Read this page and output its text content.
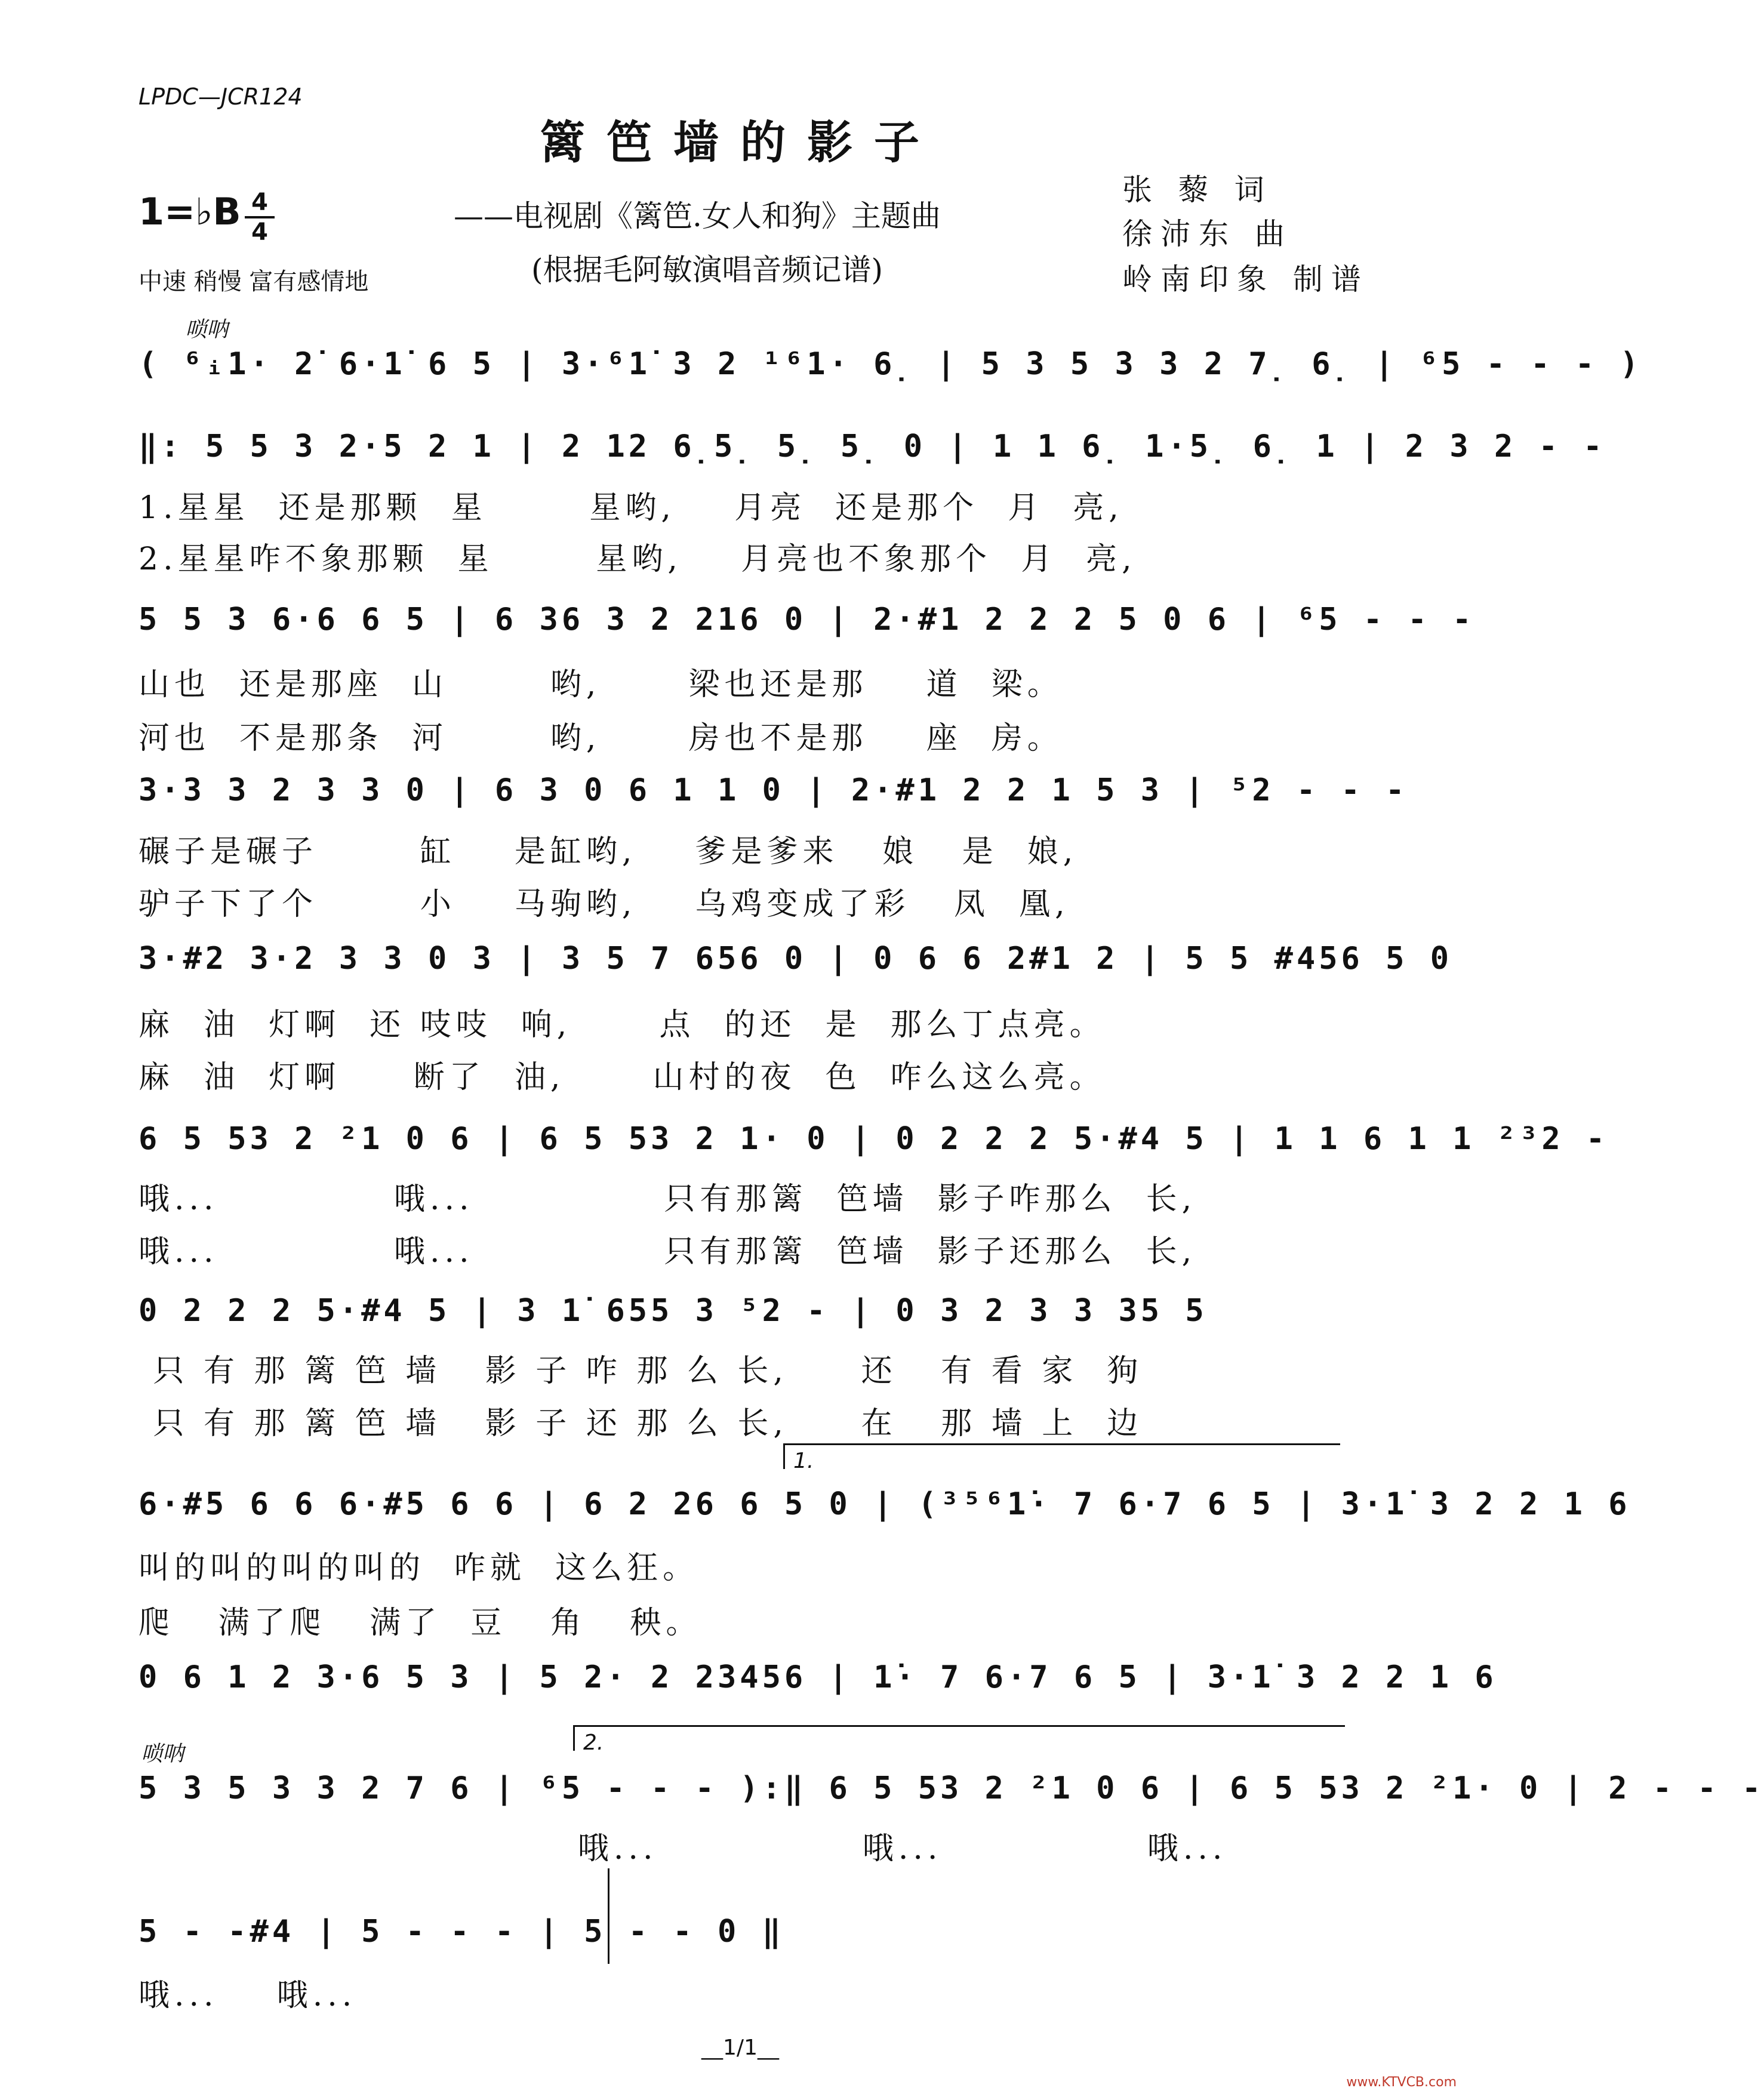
LPDC—JCR124
篱笆墙的影子
1=♭B 4
4
中速 稍慢 富有感情地
——电视剧《篱笆.女人和狗》主题曲
(根据毛阿敏演唱音频记谱)
张 藜 词
徐沛东 曲
岭南印象 制谱
唢呐
( ⁶ᵢ1· 2̇ 6·1̇ 6 5 | 3·⁶1̇ 3 2 ¹⁶1· 6̣ | 5 3 5 3 3 2 7̣ 6̣ | ⁶5 - - - )
‖: 5 5 3 2·5 2 1 | 2 12 6̣5̣ 5̣ 5̣ 0 | 1 1 6̣ 1·5̣ 6̣ 1 | 2 3 2 - -
1.星星  还是那颗  星       星哟,    月亮  还是那个  月  亮,
2.星星咋不象那颗  星       星哟,    月亮也不象那个  月  亮,
5 5 3 6·6 6 5 | 6 36 3 2 216 0 | 2·#1 2 2 2 5 0 6 | ⁶5 - - -
山也  还是那座  山       哟,      梁也还是那    道  梁。
河也  不是那条  河       哟,      房也不是那    座  房。
3·3 3 2 3 3 0 | 6 3 0 6 1 1 0 | 2·#1 2 2 1 5 3 | ⁵2 - - -
碾子是碾子       缸    是缸哟,    爹是爹来   娘   是  娘,
驴子下了个       小    马驹哟,    乌鸡变成了彩   凤  凰,
3·#2 3·2 3 3 0 3 | 3 5 7 656 0 | 0 6 6 2#1 2 | 5 5 #456 5 0
麻  油  灯啊  还 吱吱  响,      点  的还  是  那么丁点亮。
麻  油  灯啊     断了  油,      山村的夜  色  咋么这么亮。
6 5 53 2 ²1 0 6 | 6 5 53 2 1· 0 | 0 2 2 2 5·#4 5 | 1 1 6 1 1 ²³2 -
哦...            哦...             只有那篱  笆墙  影子咋那么  长,
哦...            哦...             只有那篱  笆墙  影子还那么  长,
0 2 2 2 5·#4 5 | 3 1̇ 655 3 ⁵2 - | 0 3 2 3 3 35 5
只 有 那 篱 笆 墙   影 子 咋 那 么 长,     还   有 看 家  狗
只 有 那 篱 笆 墙   影 子 还 那 么 长,     在   那 墙 上  边
1.
6·#5 6 6 6·#5 6 6 | 6 2 26 6 5 0 | (³⁵⁶1̇· 7 6·7 6 5 | 3·1̇ 3 2 2 1 6
叫的叫的叫的叫的  咋就  这么狂。
爬   满了爬   满了  豆   角   秧。
0 6 1 2 3·6 5 3 | 5 2· 2 23456 | 1̇· 7 6·7 6 5 | 3·1̇ 3 2 2 1 6
唢呐	2.
5 3 5 3 3 2 7 6 | ⁶5 - - - ):‖ 6 5 53 2 ²1 0 6 | 6 5 53 2 ²1· 0 | 2 - - -
哦...              哦...              哦...
5 - -#4 | 5 - - - | 5 - - 0 ‖
哦...    哦...
__1/1__
www.KTVCB.com
